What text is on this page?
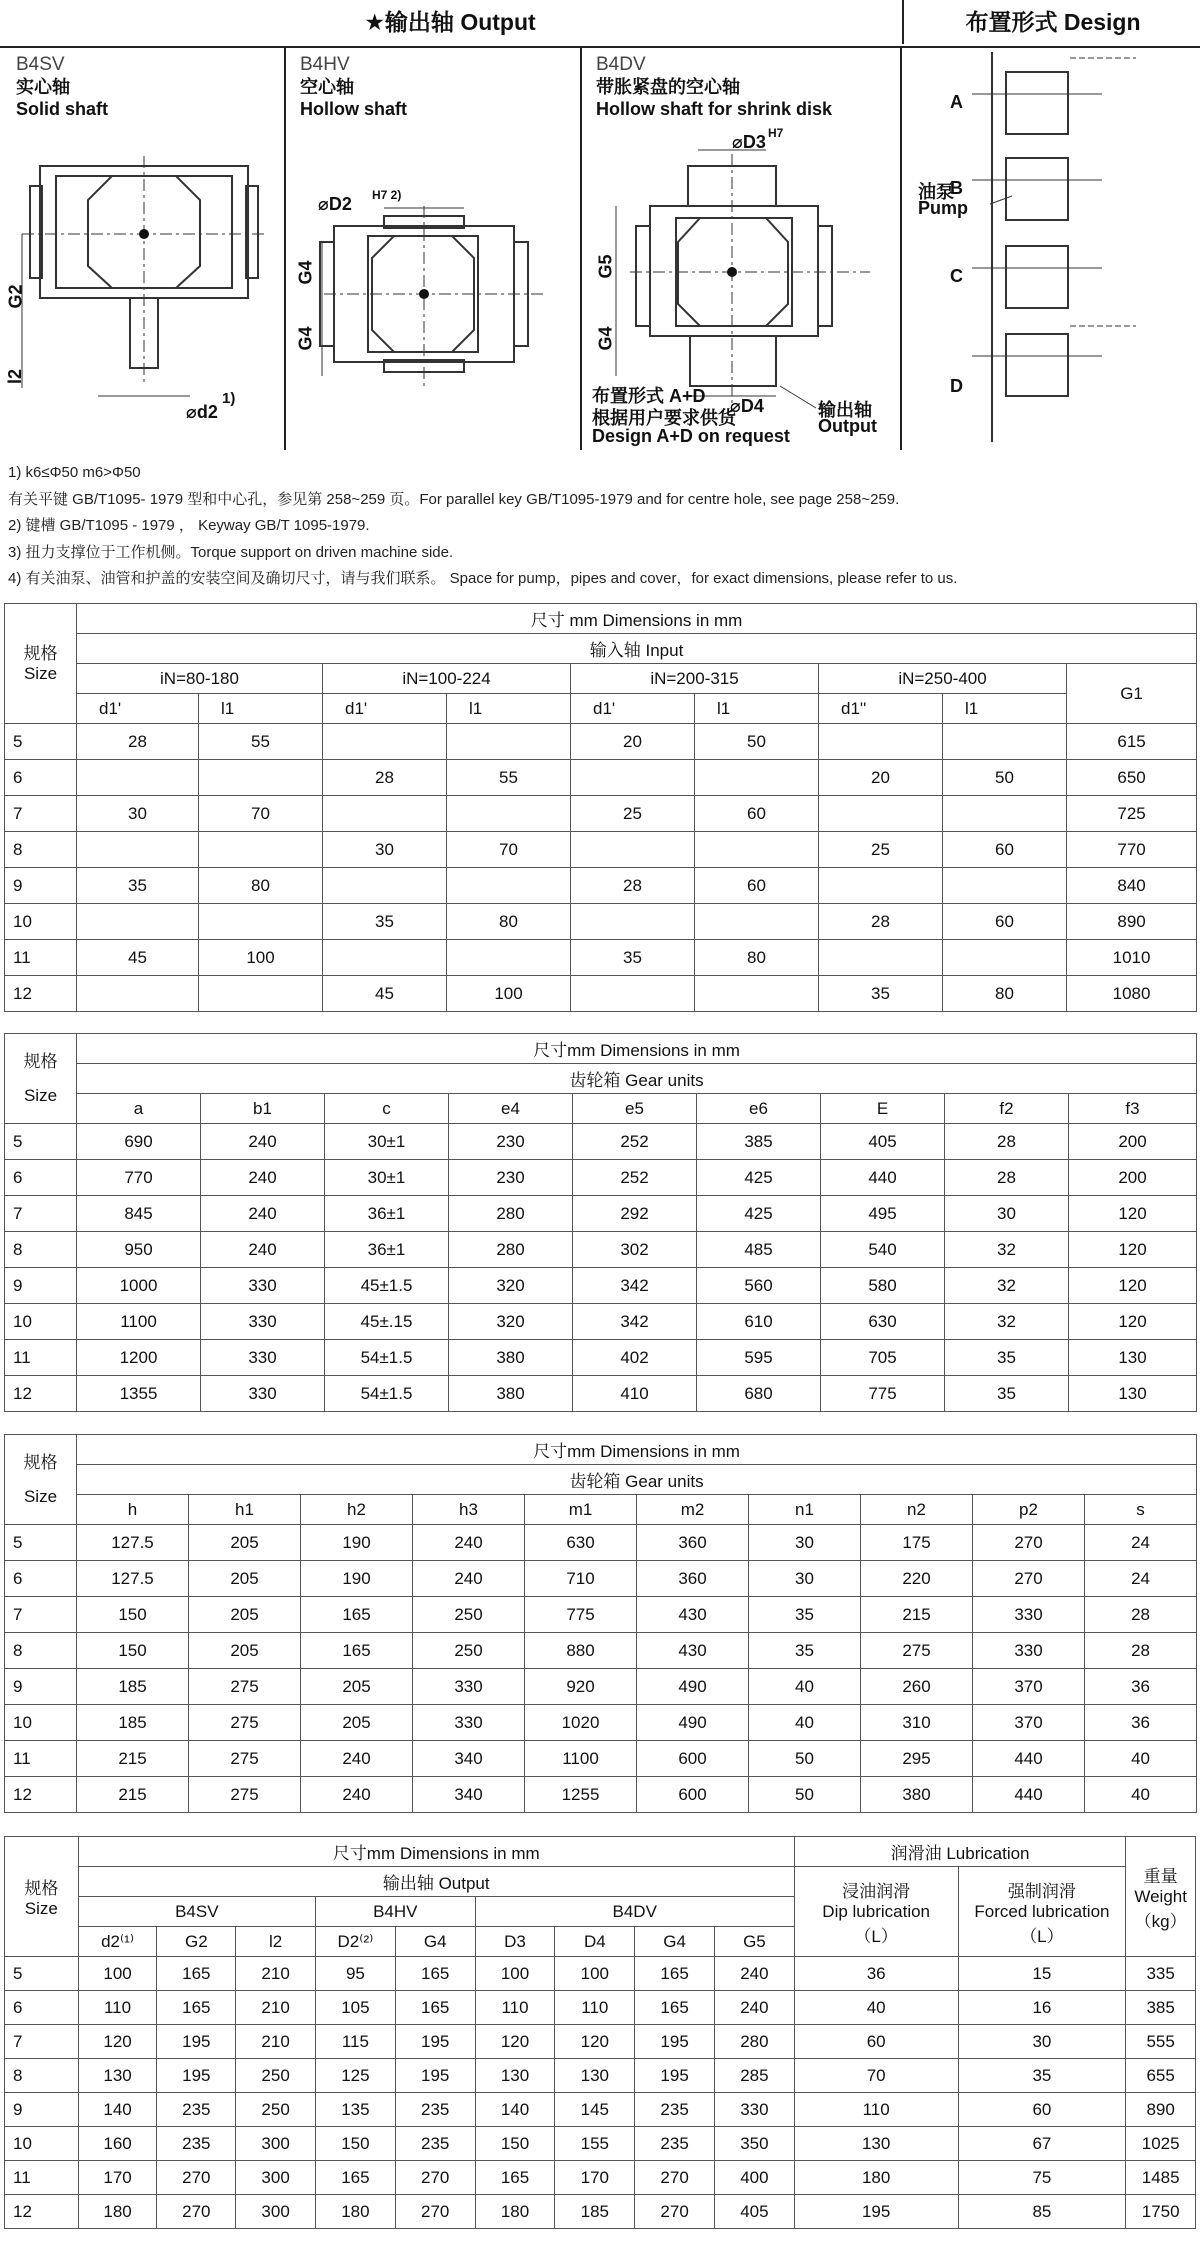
★输出轴 Output	布置形式 Design
B4SV
实心轴
Solid shaft
G2
l2
⌀d2
1)
B4HV
空心轴
Hollow shaft
⌀D2 H7 2)
G4
G4
B4DV
带胀紧盘的空心轴
Hollow shaft for shrink disk
⌀D3 H7
G5
G4
⌀D4	输出轴
Output
布置形式 A+D
根据用户要求供货
Design A+D on request
A
B
C
D
油泵
Pump
1) k6≤Φ50 m6>Φ50
有关平键 GB/T1095- 1979 型和中心孔，参见第 258~259 页。For parallel key GB/T1095-1979 and for centre hole, see page 258~259.
2) 键槽 GB/T1095 - 1979 ， Keyway GB/T 1095-1979.
3) 扭力支撑位于工作机侧。Torque support on driven machine side.
4) 有关油泵、油管和护盖的安装空间及确切尺寸，请与我们联系。 Space for pump，pipes and cover，for exact dimensions, please refer to us.
规格
Size	尺寸 mm Dimensions in mm								
	输入轴 Input								
	iN=80-180		iN=100-224		iN=200-315		iN=250-400		G1
	d1'	l1	d1'	l1	d1'	l1	d1''	l1	
5	28	55			20	50			615
6			28	55			20	50	650
7	30	70			25	60			725
8			30	70			25	60	770
9	35	80			28	60			840
10			35	80			28	60	890
11	45	100			35	80			1010
12			45	100			35	80	1080
规格
Size	尺寸mm Dimensions in mm								
	齿轮箱 Gear units								
	a	b1	c	e4	e5	e6	E	f2	f3
5	690	240	30±1	230	252	385	405	28	200
6	770	240	30±1	230	252	425	440	28	200
7	845	240	36±1	280	292	425	495	30	120
8	950	240	36±1	280	302	485	540	32	120
9	1000	330	45±1.5	320	342	560	580	32	120
10	1100	330	45±.15	320	342	610	630	32	120
11	1200	330	54±1.5	380	402	595	705	35	130
12	1355	330	54±1.5	380	410	680	775	35	130
规格
Size	尺寸mm Dimensions in mm									
	齿轮箱 Gear units									
	h	h1	h2	h3	m1	m2	n1	n2	p2	s
5	127.5	205	190	240	630	360	30	175	270	24
6	127.5	205	190	240	710	360	30	220	270	24
7	150	205	165	250	775	430	35	215	330	28
8	150	205	165	250	880	430	35	275	330	28
9	185	275	205	330	920	490	40	260	370	36
10	185	275	205	330	1020	490	40	310	370	36
11	215	275	240	340	1100	600	50	295	440	40
12	215	275	240	340	1255	600	50	380	440	40
规格
Size	尺寸mm Dimensions in mm									润滑油 Lubrication		重量
Weight
（kg）
	输出轴 Output									浸油润滑
Dip lubrication
（L）	强制润滑
Forced lubrication
（L）	
	B4SV			B4HV		B4DV						
	d2⁽¹⁾	G2	l2	D2⁽²⁾	G4	D3	D4	G4	G5			
5	100	165	210	95	165	100	100	165	240	36	15	335
6	110	165	210	105	165	110	110	165	240	40	16	385
7	120	195	210	115	195	120	120	195	280	60	30	555
8	130	195	250	125	195	130	130	195	285	70	35	655
9	140	235	250	135	235	140	145	235	330	110	60	890
10	160	235	300	150	235	150	155	235	350	130	67	1025
11	170	270	300	165	270	165	170	270	400	180	75	1485
12	180	270	300	180	270	180	185	270	405	195	85	1750
